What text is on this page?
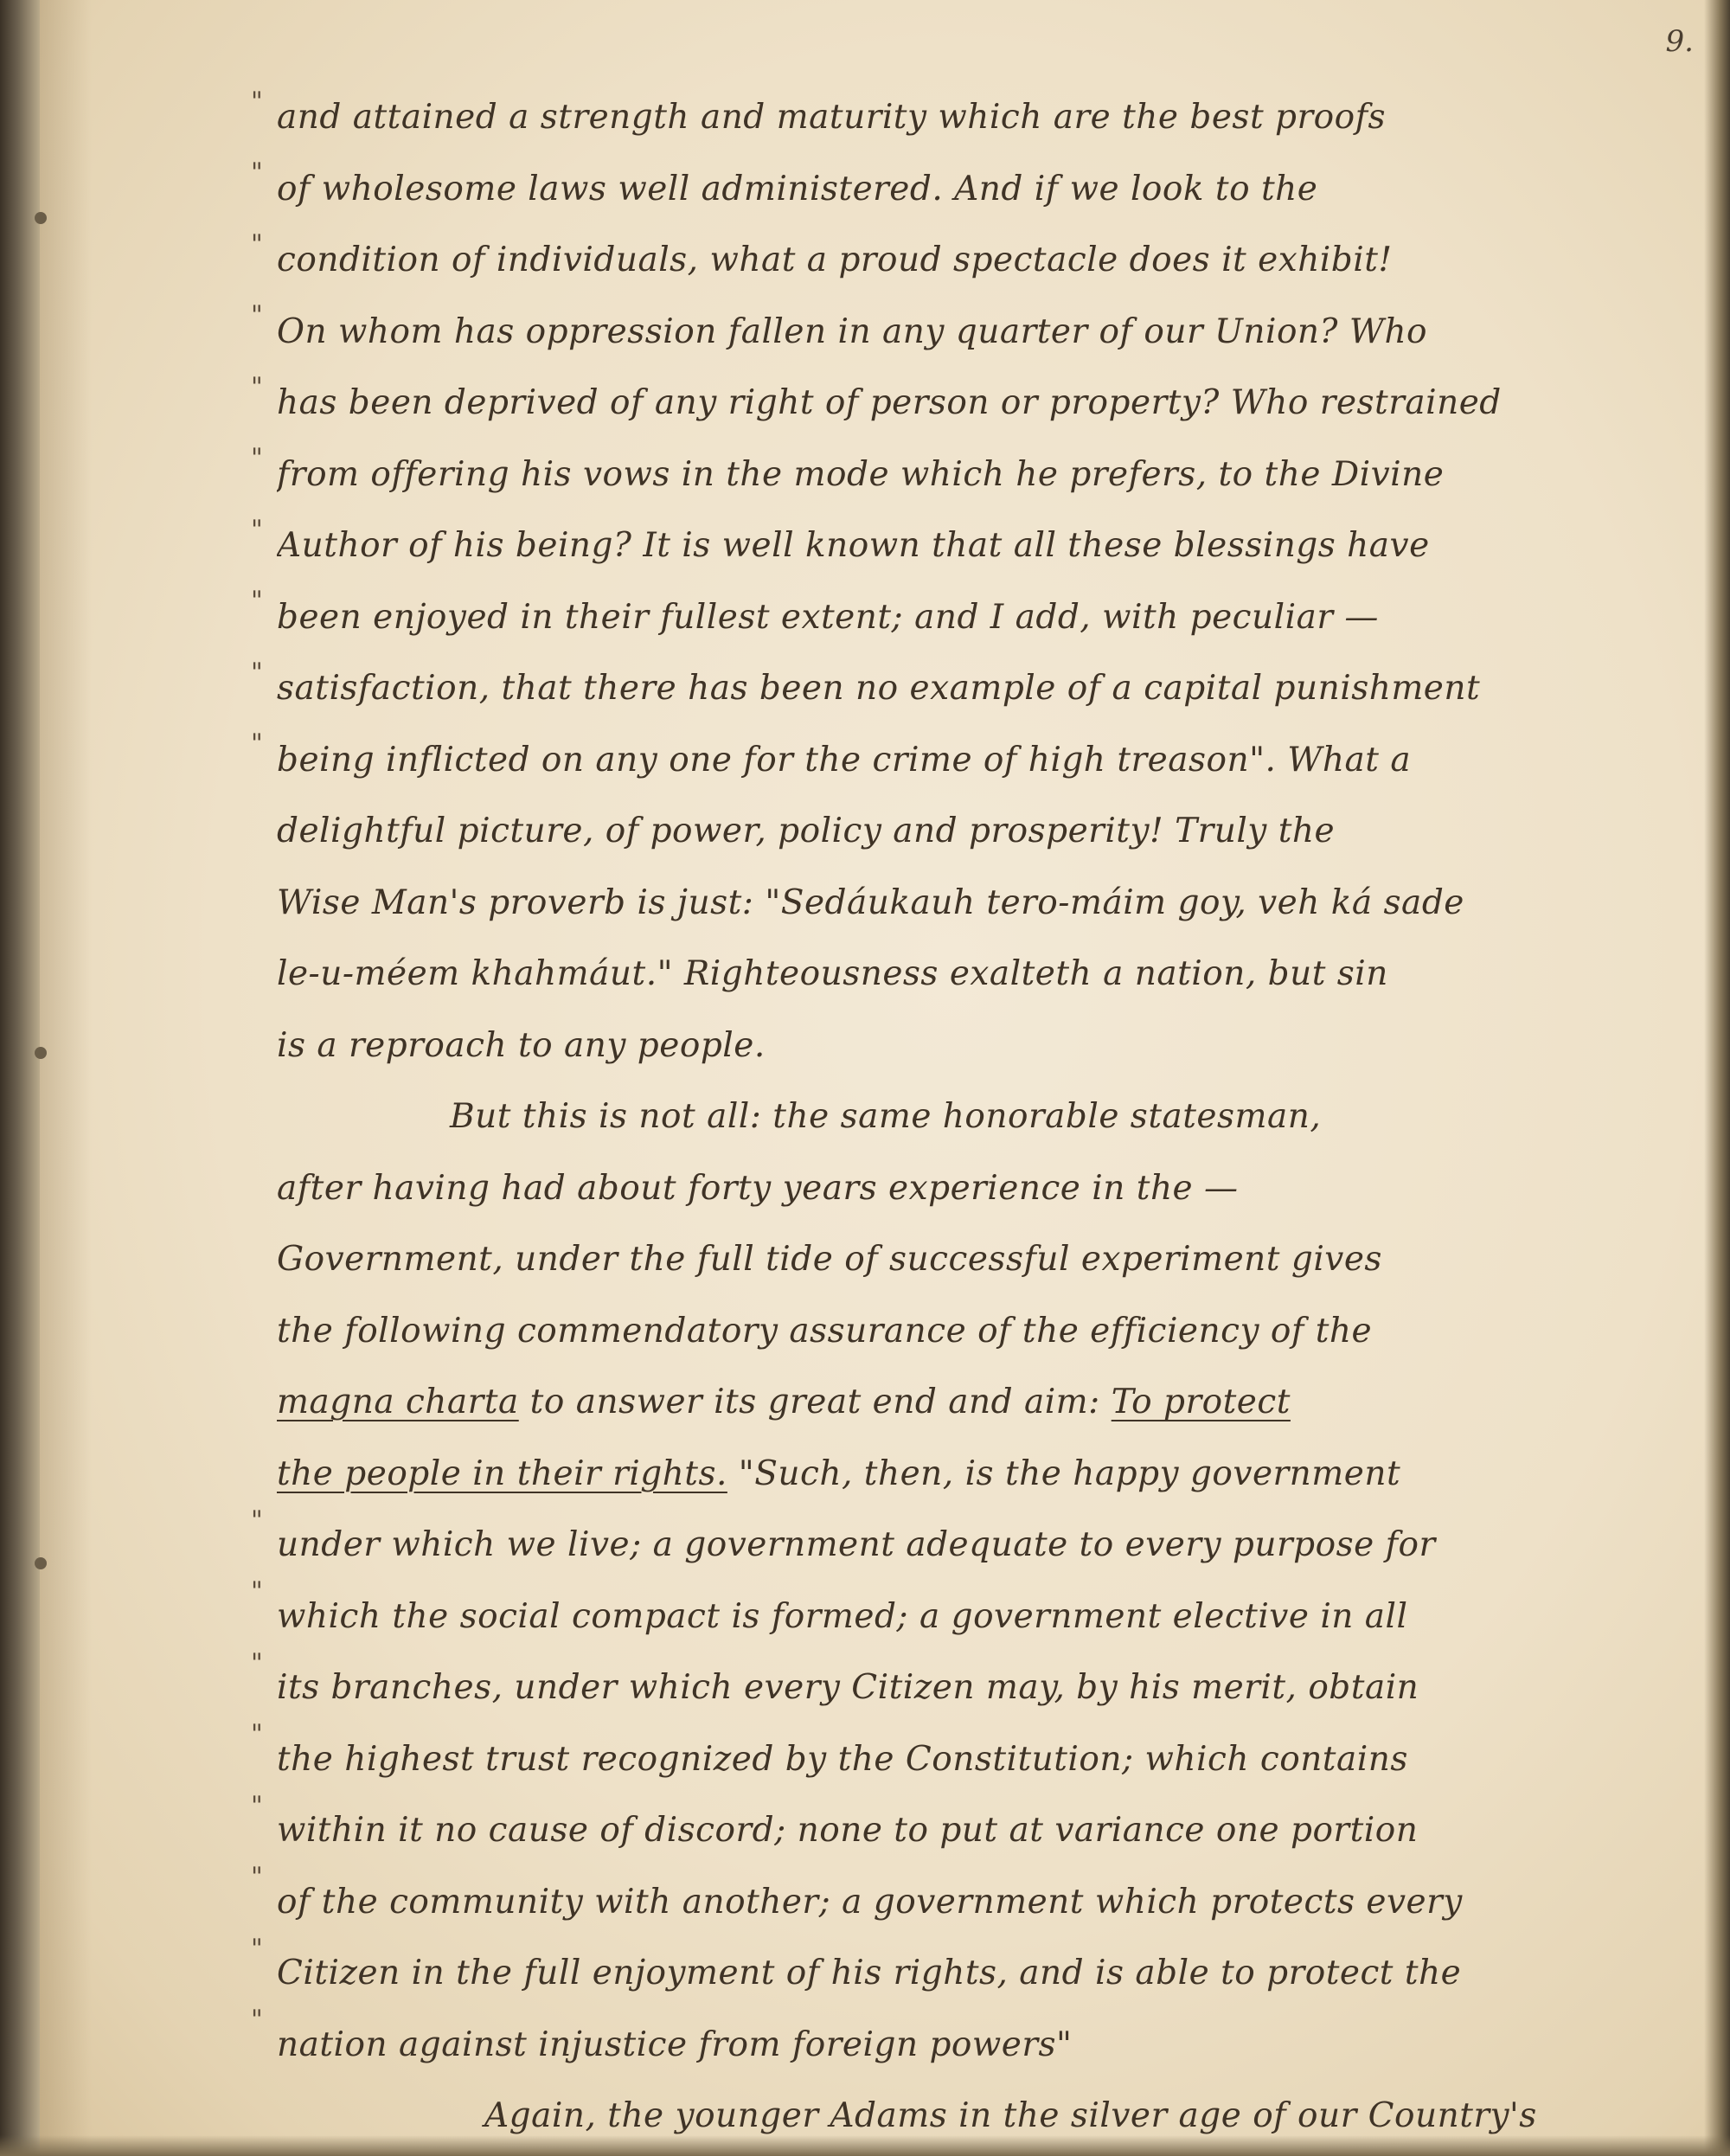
9.
"
"
"
"
"
"
"
"
"
"
"
"
"
"
"
"
"
"
and attained a strength and maturity which are the best proofs
of wholesome laws well administered. And if we look to the
condition of individuals, what a proud spectacle does it exhibit!
On whom has oppression fallen in any quarter of our Union? Who
has been deprived of any right of person or property? Who restrained
from offering his vows in the mode which he prefers, to the Divine
Author of his being? It is well known that all these blessings have
been enjoyed in their fullest extent; and I add, with peculiar —
satisfaction, that there has been no example of a capital punishment
being inflicted on any one for the crime of high treason". What a
delightful picture, of power, policy and prosperity! Truly the
Wise Man's proverb is just: "Sedáukauh tero-máim goy, veh ká sade
le-u-méem khahmáut." Righteousness exalteth a nation, but sin
is a reproach to any people.
But this is not all: the same honorable statesman,
after having had about forty years experience in the —
Government, under the full tide of successful experiment gives
the following commendatory assurance of the efficiency of the
magna charta to answer its great end and aim: To protect
the people in their rights. "Such, then, is the happy government
under which we live; a government adequate to every purpose for
which the social compact is formed; a government elective in all
its branches, under which every Citizen may, by his merit, obtain
the highest trust recognized by the Constitution; which contains
within it no cause of discord; none to put at variance one portion
of the community with another; a government which protects every
Citizen in the full enjoyment of his rights, and is able to protect the
nation against injustice from foreign powers"
Again, the younger Adams in the silver age of our Country's
